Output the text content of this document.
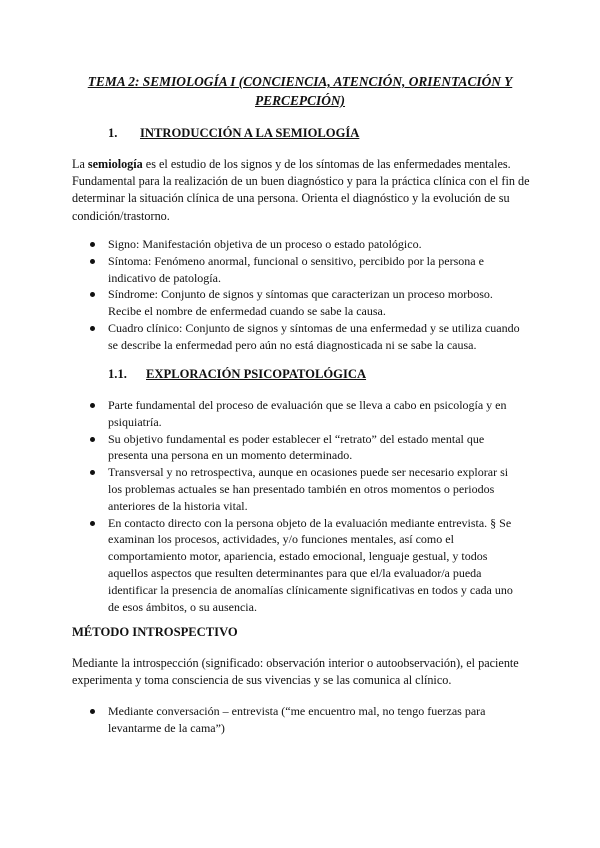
TEMA 2: SEMIOLOGÍA I (CONCIENCIA, ATENCIÓN, ORIENTACIÓN Y
PERCEPCIÓN)
1. INTRODUCCIÓN A LA SEMIOLOGÍA

La semiología es el estudio de los signos y de los síntomas de las enfermedades mentales.
Fundamental para la realización de un buen diagnóstico y para la práctica clínica con el fin de
determinar la situación clínica de una persona. Orienta el diagnóstico y la evolución de su
condición/trastorno.

Signo: Manifestación objetiva de un proceso o estado patológico.
Síntoma: Fenómeno anormal, funcional o sensitivo, percibido por la persona e
indicativo de patología.
Síndrome: Conjunto de signos y síntomas que caracterizan un proceso morboso.
Recibe el nombre de enfermedad cuando se sabe la causa.
Cuadro clínico: Conjunto de signos y síntomas de una enfermedad y se utiliza cuando
se describe la enfermedad pero aún no está diagnosticada ni se sabe la causa.
1.1. EXPLORACIÓN PSICOPATOLÓGICA
Parte fundamental del proceso de evaluación que se lleva a cabo en psicología y en
psiquiatría.
Su objetivo fundamental es poder establecer el “retrato” del estado mental que
presenta una persona en un momento determinado.
Transversal y no retrospectiva, aunque en ocasiones puede ser necesario explorar si
los problemas actuales se han presentado también en otros momentos o periodos
anteriores de la historia vital.
En contacto directo con la persona objeto de la evaluación mediante entrevista. § Se
examinan los procesos, actividades, y/o funciones mentales, así como el
comportamiento motor, apariencia, estado emocional, lenguaje gestual, y todos
aquellos aspectos que resulten determinantes para que el/la evaluador/a pueda
identificar la presencia de anomalías clínicamente significativas en todos y cada uno
de esos ámbitos, o su ausencia.
MÉTODO INTROSPECTIVO

Mediante la introspección (significado: observación interior o autoobservación), el paciente
experimenta y toma consciencia de sus vivencias y se las comunica al clínico.

Mediante conversación – entrevista (“me encuentro mal, no tengo fuerzas para
levantarme de la cama”)
